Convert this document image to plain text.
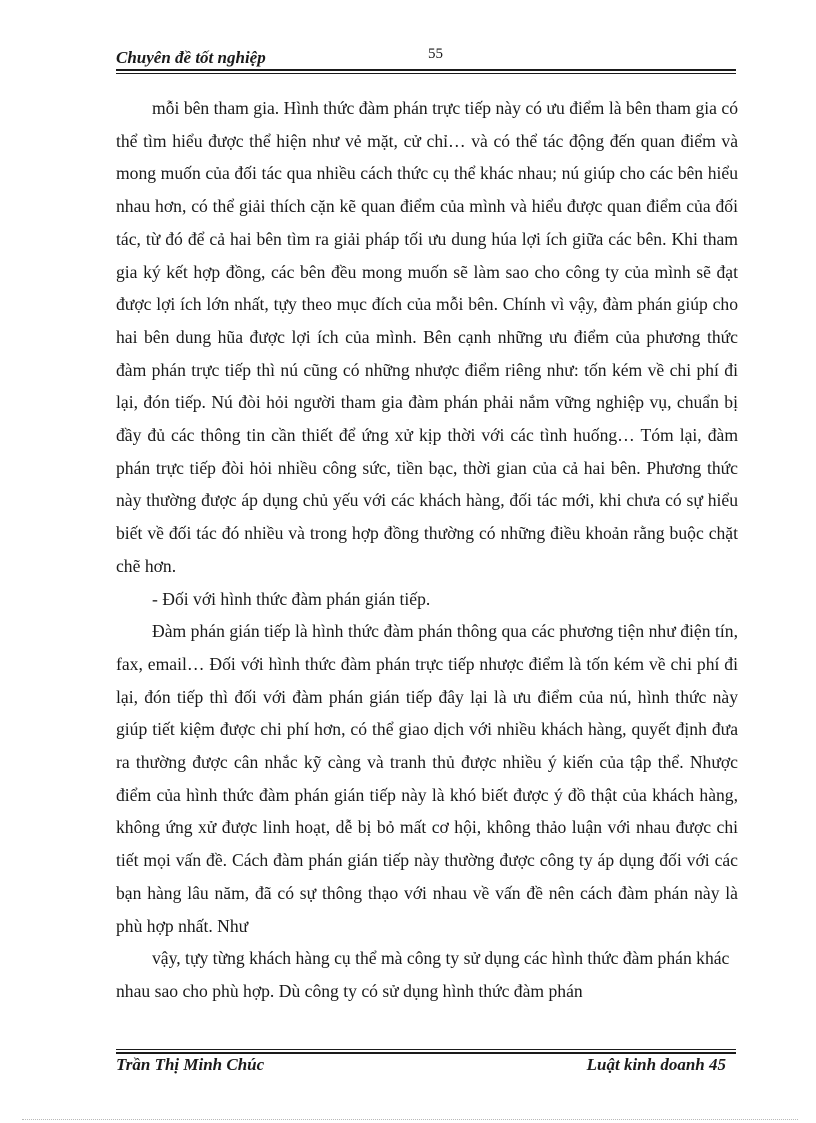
Chuyên đề tốt nghiệp	55

mỗi bên tham gia. Hình thức đàm phán trực tiếp này có ưu điểm là bên tham gia có thể tìm hiểu được thể hiện như vẻ mặt, cử chỉ… và có thể tác động đến quan điểm và mong muốn của đối tác qua nhiều cách thức cụ thể khác nhau; nú giúp cho các bên hiểu nhau hơn, có thể giải thích cặn kẽ quan điểm của mình và hiểu được quan điểm của đối tác, từ đó để cả hai bên tìm ra giải pháp tối ưu dung húa lợi ích giữa các bên. Khi tham gia ký kết hợp đồng, các bên đều mong muốn sẽ làm sao cho công ty của mình sẽ đạt được lợi ích lớn nhất, tựy theo mục đích của mỗi bên. Chính vì vậy, đàm phán giúp cho hai bên dung hũa được lợi ích của mình. Bên cạnh những ưu điểm của phương thức đàm phán trực tiếp thì nú cũng có những nhược điểm riêng như: tốn kém về chi phí đi lại, đón tiếp. Nú đòi hỏi người tham gia đàm phán phải nắm vững nghiệp vụ, chuẩn bị đầy đủ các thông tin cần thiết để ứng xử kịp thời với các tình huống… Tóm lại, đàm phán trực tiếp đòi hỏi nhiều công sức, tiền bạc, thời gian của cả hai bên. Phương thức này thường được áp dụng chủ yếu với các khách hàng, đối tác mới, khi chưa có sự hiểu biết về đối tác đó nhiều và trong hợp đồng thường có những điều khoản rằng buộc chặt chẽ hơn.

- Đối với hình thức đàm phán gián tiếp.

Đàm phán gián tiếp là hình thức đàm phán thông qua các phương tiện như điện tín, fax, email… Đối với hình thức đàm phán trực tiếp nhược điểm là tốn kém về chi phí đi lại, đón tiếp thì đối với đàm phán gián tiếp đây lại là ưu điểm của nú, hình thức này giúp tiết kiệm được chi phí hơn, có thể giao dịch với nhiều khách hàng, quyết định đưa ra thường được cân nhắc kỹ càng và tranh thủ được nhiều ý kiến của tập thể. Nhược điểm của hình thức đàm phán gián tiếp này là khó biết được ý đồ thật của khách hàng, không ứng xử được linh hoạt, dễ bị bỏ mất cơ hội, không thảo luận với nhau được chi tiết mọi vấn đề. Cách đàm phán gián tiếp này thường được công ty áp dụng đối với các bạn hàng lâu năm, đã có sự thông thạo với nhau về vấn đề nên cách đàm phán này là phù hợp nhất. Như

vậy, tựy từng khách hàng cụ thể mà công ty sử dụng các hình thức đàm phán khác nhau sao cho phù hợp. Dù công ty có sử dụng hình thức đàm phán

Trần Thị Minh Chúc	Luật kinh doanh 45
